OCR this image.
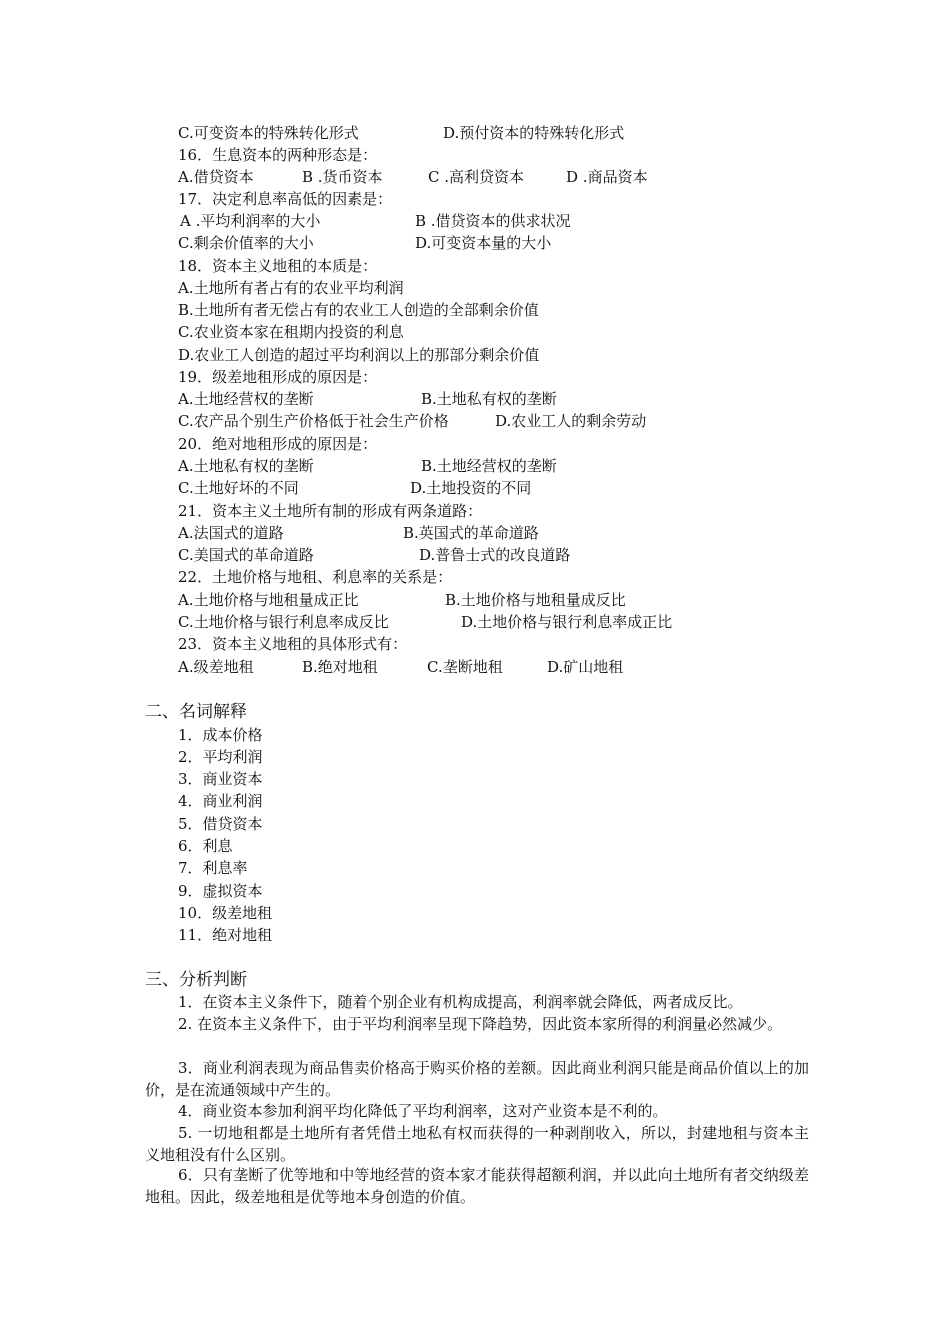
C.可变资本的特殊转化形式	D.预付资本的特殊转化形式
16．生息资本的两种形态是：
A.借贷资本	B .货币资本	C .高利贷资本	D .商品资本
17．决定利息率高低的因素是：
A .平均利润率的大小	B .借贷资本的供求状况
C.剩余价值率的大小	D.可变资本量的大小
18．资本主义地租的本质是：
A.土地所有者占有的农业平均利润
B.土地所有者无偿占有的农业工人创造的全部剩余价值
C.农业资本家在租期内投资的利息
D.农业工人创造的超过平均利润以上的那部分剩余价值
19．级差地租形成的原因是：
A.土地经营权的垄断	B.土地私有权的垄断
C.农产品个别生产价格低于社会生产价格	D.农业工人的剩余劳动
20．绝对地租形成的原因是：
A.土地私有权的垄断	B.土地经营权的垄断
C.土地好坏的不同	D.土地投资的不同
21．资本主义土地所有制的形成有两条道路：
A.法国式的道路	B.英国式的革命道路
C.美国式的革命道路	D.普鲁士式的改良道路
22．土地价格与地租、利息率的关系是：
A.土地价格与地租量成正比	B.土地价格与地租量成反比
C.土地价格与银行利息率成反比	D.土地价格与银行利息率成正比
23．资本主义地租的具体形式有：
A.级差地租	B.绝对地租	C.垄断地租	D.矿山地租
二、名词解释
1．成本价格
2．平均利润
3．商业资本
4．商业利润
5．借贷资本
6．利息
7．利息率
9．虚拟资本
10．级差地租
11．绝对地租
三、分析判断
1．在资本主义条件下，随着个别企业有机构成提高，利润率就会降低，两者成反比。
2. 在资本主义条件下，由于平均利润率呈现下降趋势，因此资本家所得的利润量必然减少。
3．商业利润表现为商品售卖价格高于购买价格的差额。因此商业利润只能是商品价值以上的加价，是在流通领域中产生的。
4．商业资本参加利润平均化降低了平均利润率，这对产业资本是不利的。
5. 一切地租都是土地所有者凭借土地私有权而获得的一种剥削收入，所以，封建地租与资本主义地租没有什么区别。
6．只有垄断了优等地和中等地经营的资本家才能获得超额利润，并以此向土地所有者交纳级差地租。因此，级差地租是优等地本身创造的价值。
